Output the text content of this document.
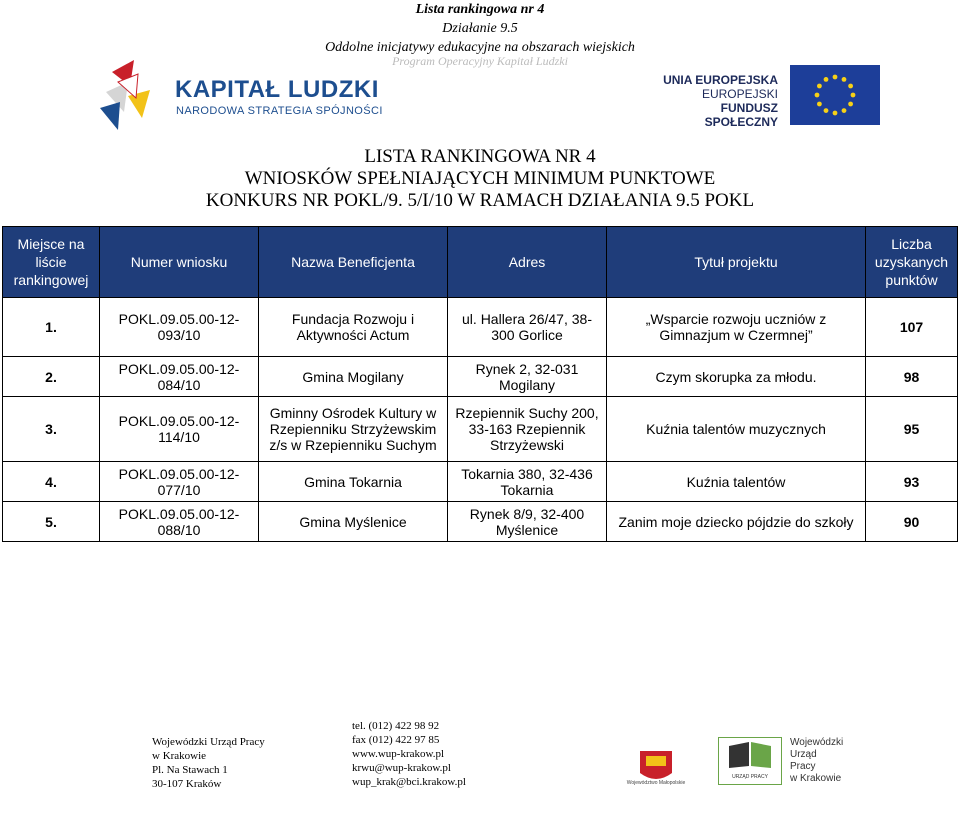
Lista rankingowa nr 4
Działanie 9.5
Oddolne inicjatywy edukacyjne na obszarach wiejskich
Program Operacyjny Kapitał Ludzki
KAPITAŁ LUDZKI
NARODOWA STRATEGIA SPÓJNOŚCI
UNIA EUROPEJSKA
EUROPEJSKI
FUNDUSZ SPOŁECZNY
LISTA RANKINGOWA NR 4
WNIOSKÓW SPEŁNIAJĄCYCH MINIMUM PUNKTOWE
KONKURS NR POKL/9. 5/I/10 W RAMACH DZIAŁANIA 9.5 POKL
Miejsce na liście rankingowej	Numer wniosku	Nazwa Beneficjenta	Adres	Tytuł projektu	Liczba uzyskanych punktów
1.	POKL.09.05.00-12-093/10	Fundacja Rozwoju i Aktywności Actum	ul. Hallera 26/47, 38-300 Gorlice	„Wsparcie rozwoju uczniów z Gimnazjum w Czermnej”	107
2.	POKL.09.05.00-12-084/10	Gmina Mogilany	Rynek 2, 32-031 Mogilany	Czym skorupka za młodu.	98
3.	POKL.09.05.00-12-114/10	Gminny Ośrodek Kultury w Rzepienniku Strzyżewskim z/s w Rzepienniku Suchym	Rzepiennik Suchy 200, 33-163 Rzepiennik Strzyżewski	Kuźnia talentów muzycznych	95
4.	POKL.09.05.00-12-077/10	Gmina Tokarnia	Tokarnia 380, 32-436 Tokarnia	Kuźnia talentów	93
5.	POKL.09.05.00-12-088/10	Gmina Myślenice	Rynek 8/9, 32-400 Myślenice	Zanim moje dziecko pójdzie do szkoły	90
Wojewódzki Urząd Pracy
w Krakowie
Pl. Na Stawach 1
30-107 Kraków
tel. (012) 422 98 92
fax (012) 422 97 85
www.wup-krakow.pl
krwu@wup-krakow.pl
wup_krak@bci.krakow.pl	Województwo Małopolskie
URZĄD PRACY
Wojewódzki
Urząd
Pracy
w Krakowie
